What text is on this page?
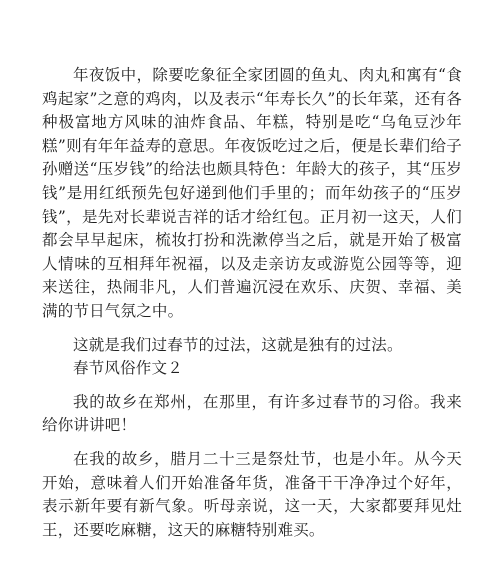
年夜饭中，除要吃象征全家团圆的鱼丸、肉丸和寓有“食鸡起家”之意的鸡肉，以及表示“年寿长久”的长年菜，还有各种极富地方风味的油炸食品、年糕，特别是吃“乌龟豆沙年糕”则有年年益寿的意思。年夜饭吃过之后，便是长辈们给子孙赠送“压岁钱”的给法也颇具特色：年龄大的孩子，其“压岁钱”是用红纸预先包好递到他们手里的；而年幼孩子的“压岁钱”，是先对长辈说吉祥的话才给红包。正月初一这天，人们都会早早起床，梳妆打扮和洗漱停当之后，就是开始了极富人情味的互相拜年祝福，以及走亲访友或游览公园等等，迎来送往，热闹非凡，人们普遍沉浸在欢乐、庆贺、幸福、美满的节日气氛之中。

这就是我们过春节的过法，这就是独有的过法。

春节风俗作文２

我的故乡在郑州，在那里，有许多过春节的习俗。我来给你讲讲吧！

在我的故乡，腊月二十三是祭灶节，也是小年。从今天开始，意味着人们开始准备年货，准备干干净净过个好年，表示新年要有新气象。听母亲说，这一天，大家都要拜见灶王，还要吃麻糖，这天的麻糖特别难买。
